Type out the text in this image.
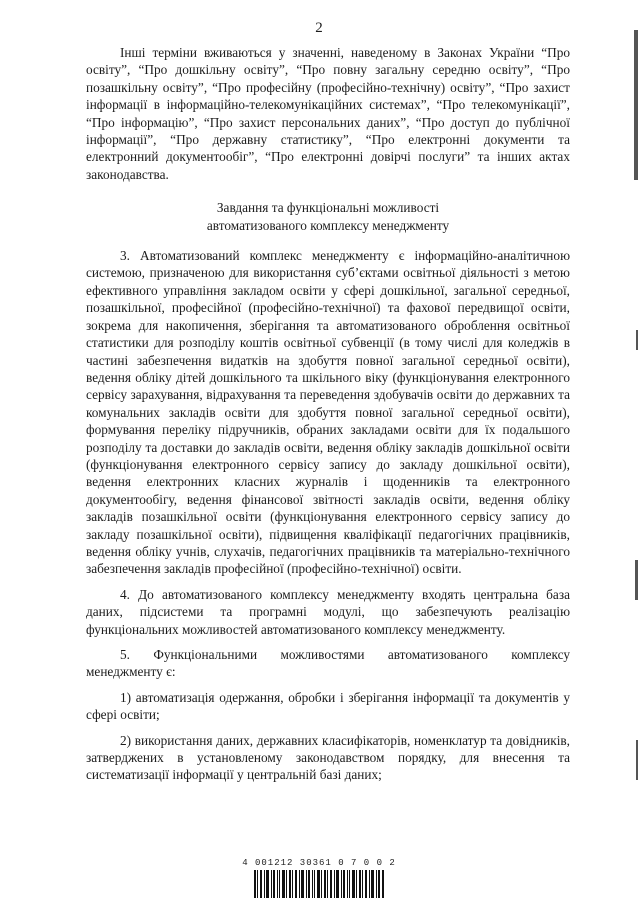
2

Інші терміни вживаються у значенні, наведеному в Законах України “Про освіту”, “Про дошкільну освіту”, “Про повну загальну середню освіту”, “Про позашкільну освіту”, “Про професійну (професійно-технічну) освіту”, “Про захист інформації в інформаційно-телекомунікаційних системах”, “Про телекомунікації”, “Про інформацію”, “Про захист персональних даних”, “Про доступ до публічної інформації”, “Про державну статистику”, “Про електронні документи та електронний документообіг”, “Про електронні довірчі послуги” та інших актах законодавства.

Завдання та функціональні можливості
автоматизованого комплексу менеджменту

3. Автоматизований комплекс менеджменту є інформаційно-аналітичною системою, призначеною для використання суб’єктами освітньої діяльності з метою ефективного управління закладом освіти у сфері дошкільної, загальної середньої, позашкільної, професійної (професійно-технічної) та фахової передвищої освіти, зокрема для накопичення, зберігання та автоматизованого оброблення освітньої статистики для розподілу коштів освітньої субвенції (в тому числі для коледжів в частині забезпечення видатків на здобуття повної загальної середньої освіти), ведення обліку дітей дошкільного та шкільного віку (функціонування електронного сервісу зарахування, відрахування та переведення здобувачів освіти до державних та комунальних закладів освіти для здобуття повної загальної середньої освіти), формування переліку підручників, обраних закладами освіти для їх подальшого розподілу та доставки до закладів освіти, ведення обліку закладів дошкільної освіти (функціонування електронного сервісу запису до закладу дошкільної освіти), ведення електронних класних журналів і щоденників та електронного документообігу, ведення фінансової звітності закладів освіти, ведення обліку закладів позашкільної освіти (функціонування електронного сервісу запису до закладу позашкільної освіти), підвищення кваліфікації педагогічних працівників, ведення обліку учнів, слухачів, педагогічних працівників та матеріально-технічного забезпечення закладів професійної (професійно-технічної) освіти.

4. До автоматизованого комплексу менеджменту входять центральна база даних, підсистеми та програмні модулі, що забезпечують реалізацію функціональних можливостей автоматизованого комплексу менеджменту.

5. Функціональними можливостями автоматизованого комплексу менеджменту є:

1) автоматизація одержання, обробки і зберігання інформації та документів у сфері освіти;

2) використання даних, державних класифікаторів, номенклатур та довідників, затверджених в установленому законодавством порядку, для внесення та систематизації інформації у центральній базі даних;

4 001212 30361 0 7 0 0 2
